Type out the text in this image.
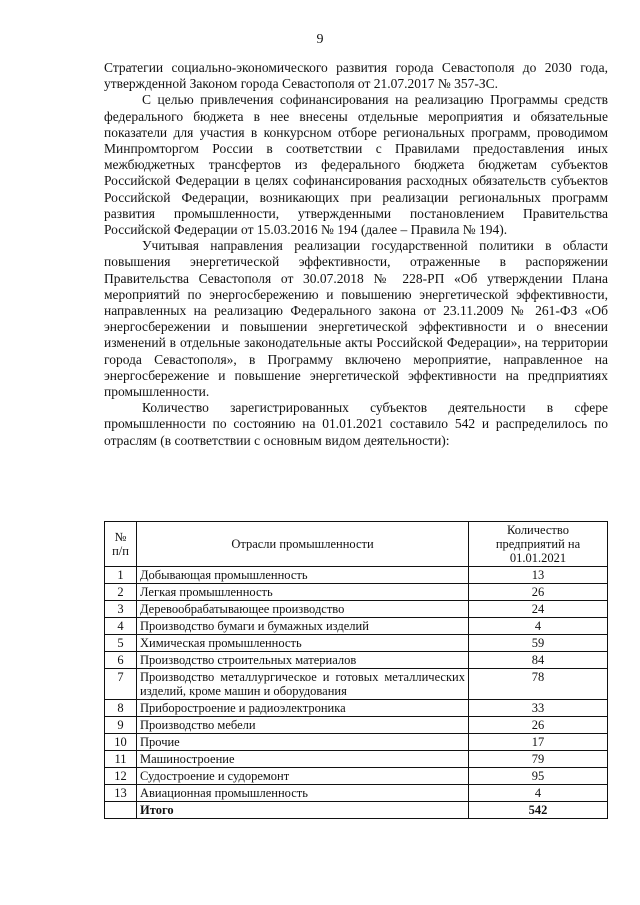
9

Стратегии социально-экономического развития города Севастополя до 2030 года, утвержденной Законом города Севастополя от 21.07.2017 № 357-ЗС.

С целью привлечения софинансирования на реализацию Программы средств федерального бюджета в нее внесены отдельные мероприятия и обязательные показатели для участия в конкурсном отборе региональных программ, проводимом Минпромторгом России в соответствии с Правилами предоставления иных межбюджетных трансфертов из федерального бюджета бюджетам субъектов Российской Федерации в целях софинансирования расходных обязательств субъектов Российской Федерации, возникающих при реализации региональных программ развития промышленности, утвержденными постановлением Правительства Российской Федерации от 15.03.2016 № 194 (далее – Правила № 194).

Учитывая направления реализации государственной политики в области повышения энергетической эффективности, отраженные в распоряжении Правительства Севастополя от 30.07.2018 № 228-РП «Об утверждении Плана мероприятий по энергосбережению и повышению энергетической эффективности, направленных на реализацию Федерального закона от 23.11.2009 № 261-ФЗ «Об энергосбережении и повышении энергетической эффективности и о внесении изменений в отдельные законодательные акты Российской Федерации», на территории города Севастополя», в Программу включено мероприятие, направленное на энергосбережение и повышение энергетической эффективности на предприятиях промышленности.

Количество зарегистрированных субъектов деятельности в сфере промышленности по состоянию на 01.01.2021 составило 542 и распределилось по отраслям (в соответствии с основным видом деятельности):

№ п/п	Отрасли промышленности	Количество предприятий на 01.01.2021
1	Добывающая промышленность	13
2	Легкая промышленность	26
3	Деревообрабатывающее производство	24
4	Производство бумаги и бумажных изделий	4
5	Химическая промышленность	59
6	Производство строительных материалов	84
7	Производство металлургическое и готовых металлических изделий, кроме машин и оборудования	78
8	Приборостроение и радиоэлектроника	33
9	Производство мебели	26
10	Прочие	17
11	Машиностроение	79
12	Судостроение и судоремонт	95
13	Авиационная промышленность	4
	Итого	542
